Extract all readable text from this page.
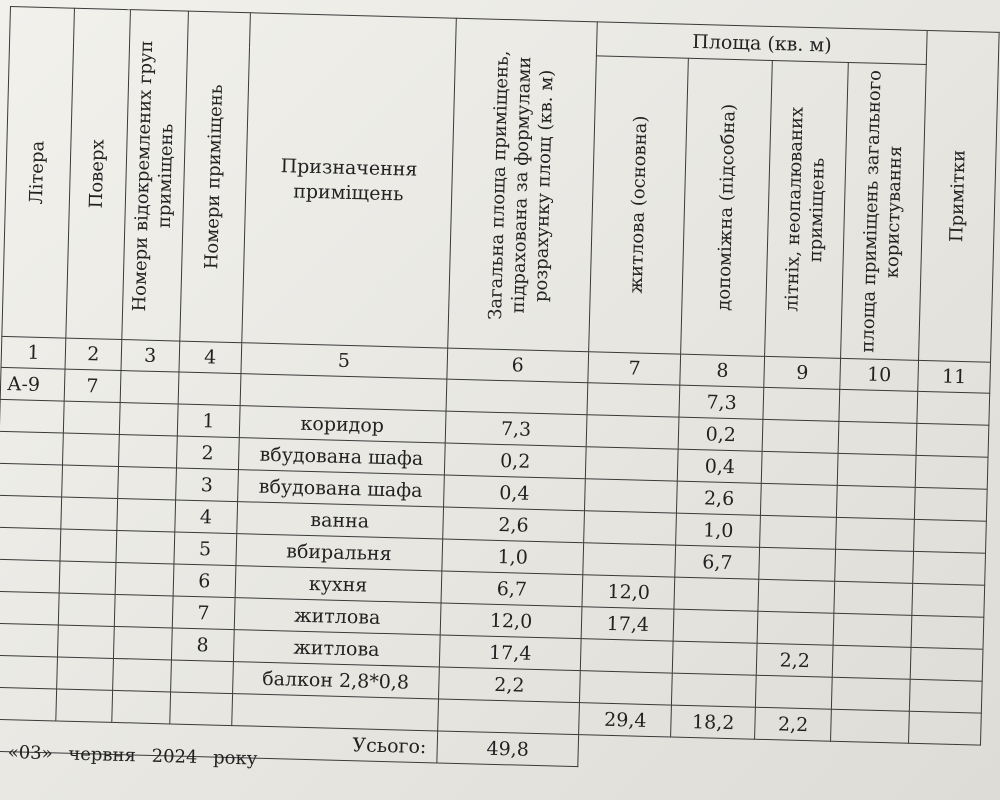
Літера	Поверх	Номери відокремлених груп приміщень	Номери приміщень	Призначення приміщень	Загальна площа приміщень, підрахована за формулами розрахунку площ (кв. м)	Площа (кв. м)				Примітки

						житлова (основна)	допоміжна (підсобна)	літніх, неопалюваних приміщень	площа приміщень загального користування	

1	2	3	4	5	6	7	8	9	10	11
А-9	7						7,3			
			1	коридор	7,3		0,2			
			2	вбудована шафа	0,2		0,4			
			3	вбудована шафа	0,4		2,6			
			4	ванна	2,6		1,0			
			5	вбиральня	1,0		6,7			
			6	кухня	6,7	12,0				
			7	житлова	12,0	17,4				
			8	житлова	17,4			2,2		
				балкон 2,8*0,8	2,2					
						29,4	18,2	2,2		
Усього:					49,8					
«03» червня 2024 року
